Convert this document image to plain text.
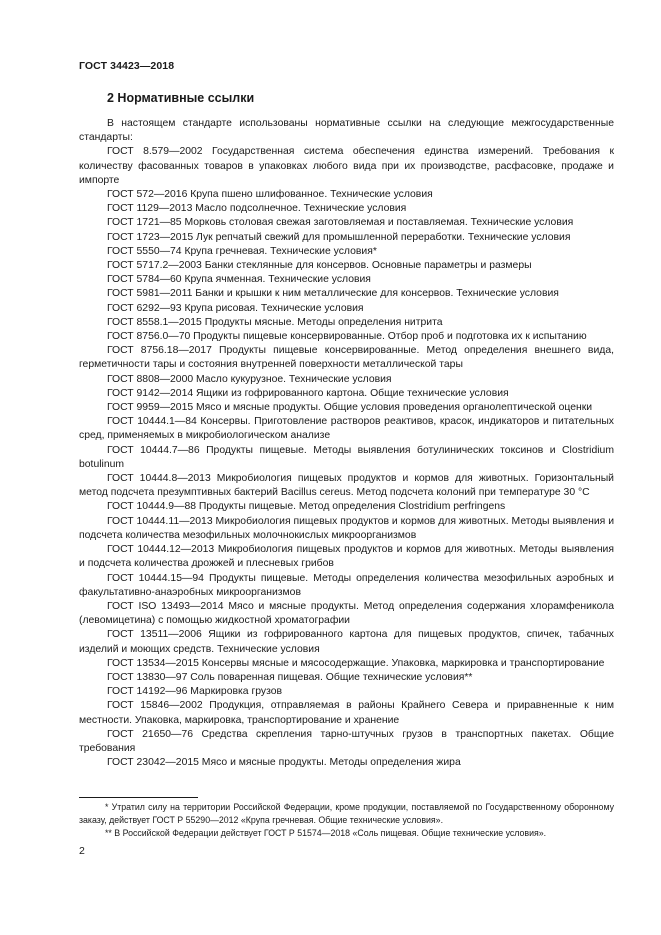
ГОСТ 34423—2018
2 Нормативные ссылки

В настоящем стандарте использованы нормативные ссылки на следующие межгосударственные стандарты:

ГОСТ 8.579—2002 Государственная система обеспечения единства измерений. Требования к количеству фасованных товаров в упаковках любого вида при их производстве, расфасовке, продаже и импорте

ГОСТ 572—2016 Крупа пшено шлифованное. Технические условия

ГОСТ 1129—2013 Масло подсолнечное. Технические условия

ГОСТ 1721—85 Морковь столовая свежая заготовляемая и поставляемая. Технические условия

ГОСТ 1723—2015 Лук репчатый свежий для промышленной переработки. Технические условия

ГОСТ 5550—74 Крупа гречневая. Технические условия*

ГОСТ 5717.2—2003 Банки стеклянные для консервов. Основные параметры и размеры

ГОСТ 5784—60 Крупа ячменная. Технические условия

ГОСТ 5981—2011 Банки и крышки к ним металлические для консервов. Технические условия

ГОСТ 6292—93 Крупа рисовая. Технические условия

ГОСТ 8558.1—2015 Продукты мясные. Методы определения нитрита

ГОСТ 8756.0—70 Продукты пищевые консервированные. Отбор проб и подготовка их к испытанию

ГОСТ 8756.18—2017 Продукты пищевые консервированные. Метод определения внешнего вида, герметичности тары и состояния внутренней поверхности металлической тары

ГОСТ 8808—2000 Масло кукурузное. Технические условия

ГОСТ 9142—2014 Ящики из гофрированного картона. Общие технические условия

ГОСТ 9959—2015 Мясо и мясные продукты. Общие условия проведения органолептической оценки

ГОСТ 10444.1—84 Консервы. Приготовление растворов реактивов, красок, индикаторов и питательных сред, применяемых в микробиологическом анализе

ГОСТ 10444.7—86 Продукты пищевые. Методы выявления ботулинических токсинов и Clostridium botulinum

ГОСТ 10444.8—2013 Микробиология пищевых продуктов и кормов для животных. Горизонтальный метод подсчета презумптивных бактерий Bacillus cereus. Метод подсчета колоний при температуре 30 °С

ГОСТ 10444.9—88 Продукты пищевые. Метод определения Clostridium perfringens

ГОСТ 10444.11—2013 Микробиология пищевых продуктов и кормов для животных. Методы выявления и подсчета количества мезофильных молочнокислых микроорганизмов

ГОСТ 10444.12—2013 Микробиология пищевых продуктов и кормов для животных. Методы выявления и подсчета количества дрожжей и плесневых грибов

ГОСТ 10444.15—94 Продукты пищевые. Методы определения количества мезофильных аэробных и факультативно-анаэробных микроорганизмов

ГОСТ ISO 13493—2014 Мясо и мясные продукты. Метод определения содержания хлорамфеникола (левомицетина) с помощью жидкостной хроматографии

ГОСТ 13511—2006 Ящики из гофрированного картона для пищевых продуктов, спичек, табачных изделий и моющих средств. Технические условия

ГОСТ 13534—2015 Консервы мясные и мясосодержащие. Упаковка, маркировка и транспортирование

ГОСТ 13830—97 Соль поваренная пищевая. Общие технические условия**

ГОСТ 14192—96 Маркировка грузов

ГОСТ 15846—2002 Продукция, отправляемая в районы Крайнего Севера и приравненные к ним местности. Упаковка, маркировка, транспортирование и хранение

ГОСТ 21650—76 Средства скрепления тарно-штучных грузов в транспортных пакетах. Общие требования

ГОСТ 23042—2015 Мясо и мясные продукты. Методы определения жира

* Утратил силу на территории Российской Федерации, кроме продукции, поставляемой по Государственному оборонному заказу, действует ГОСТ Р 55290—2012 «Крупа гречневая. Общие технические условия».

** В Российской Федерации действует ГОСТ Р 51574—2018 «Соль пищевая. Общие технические условия».

2
